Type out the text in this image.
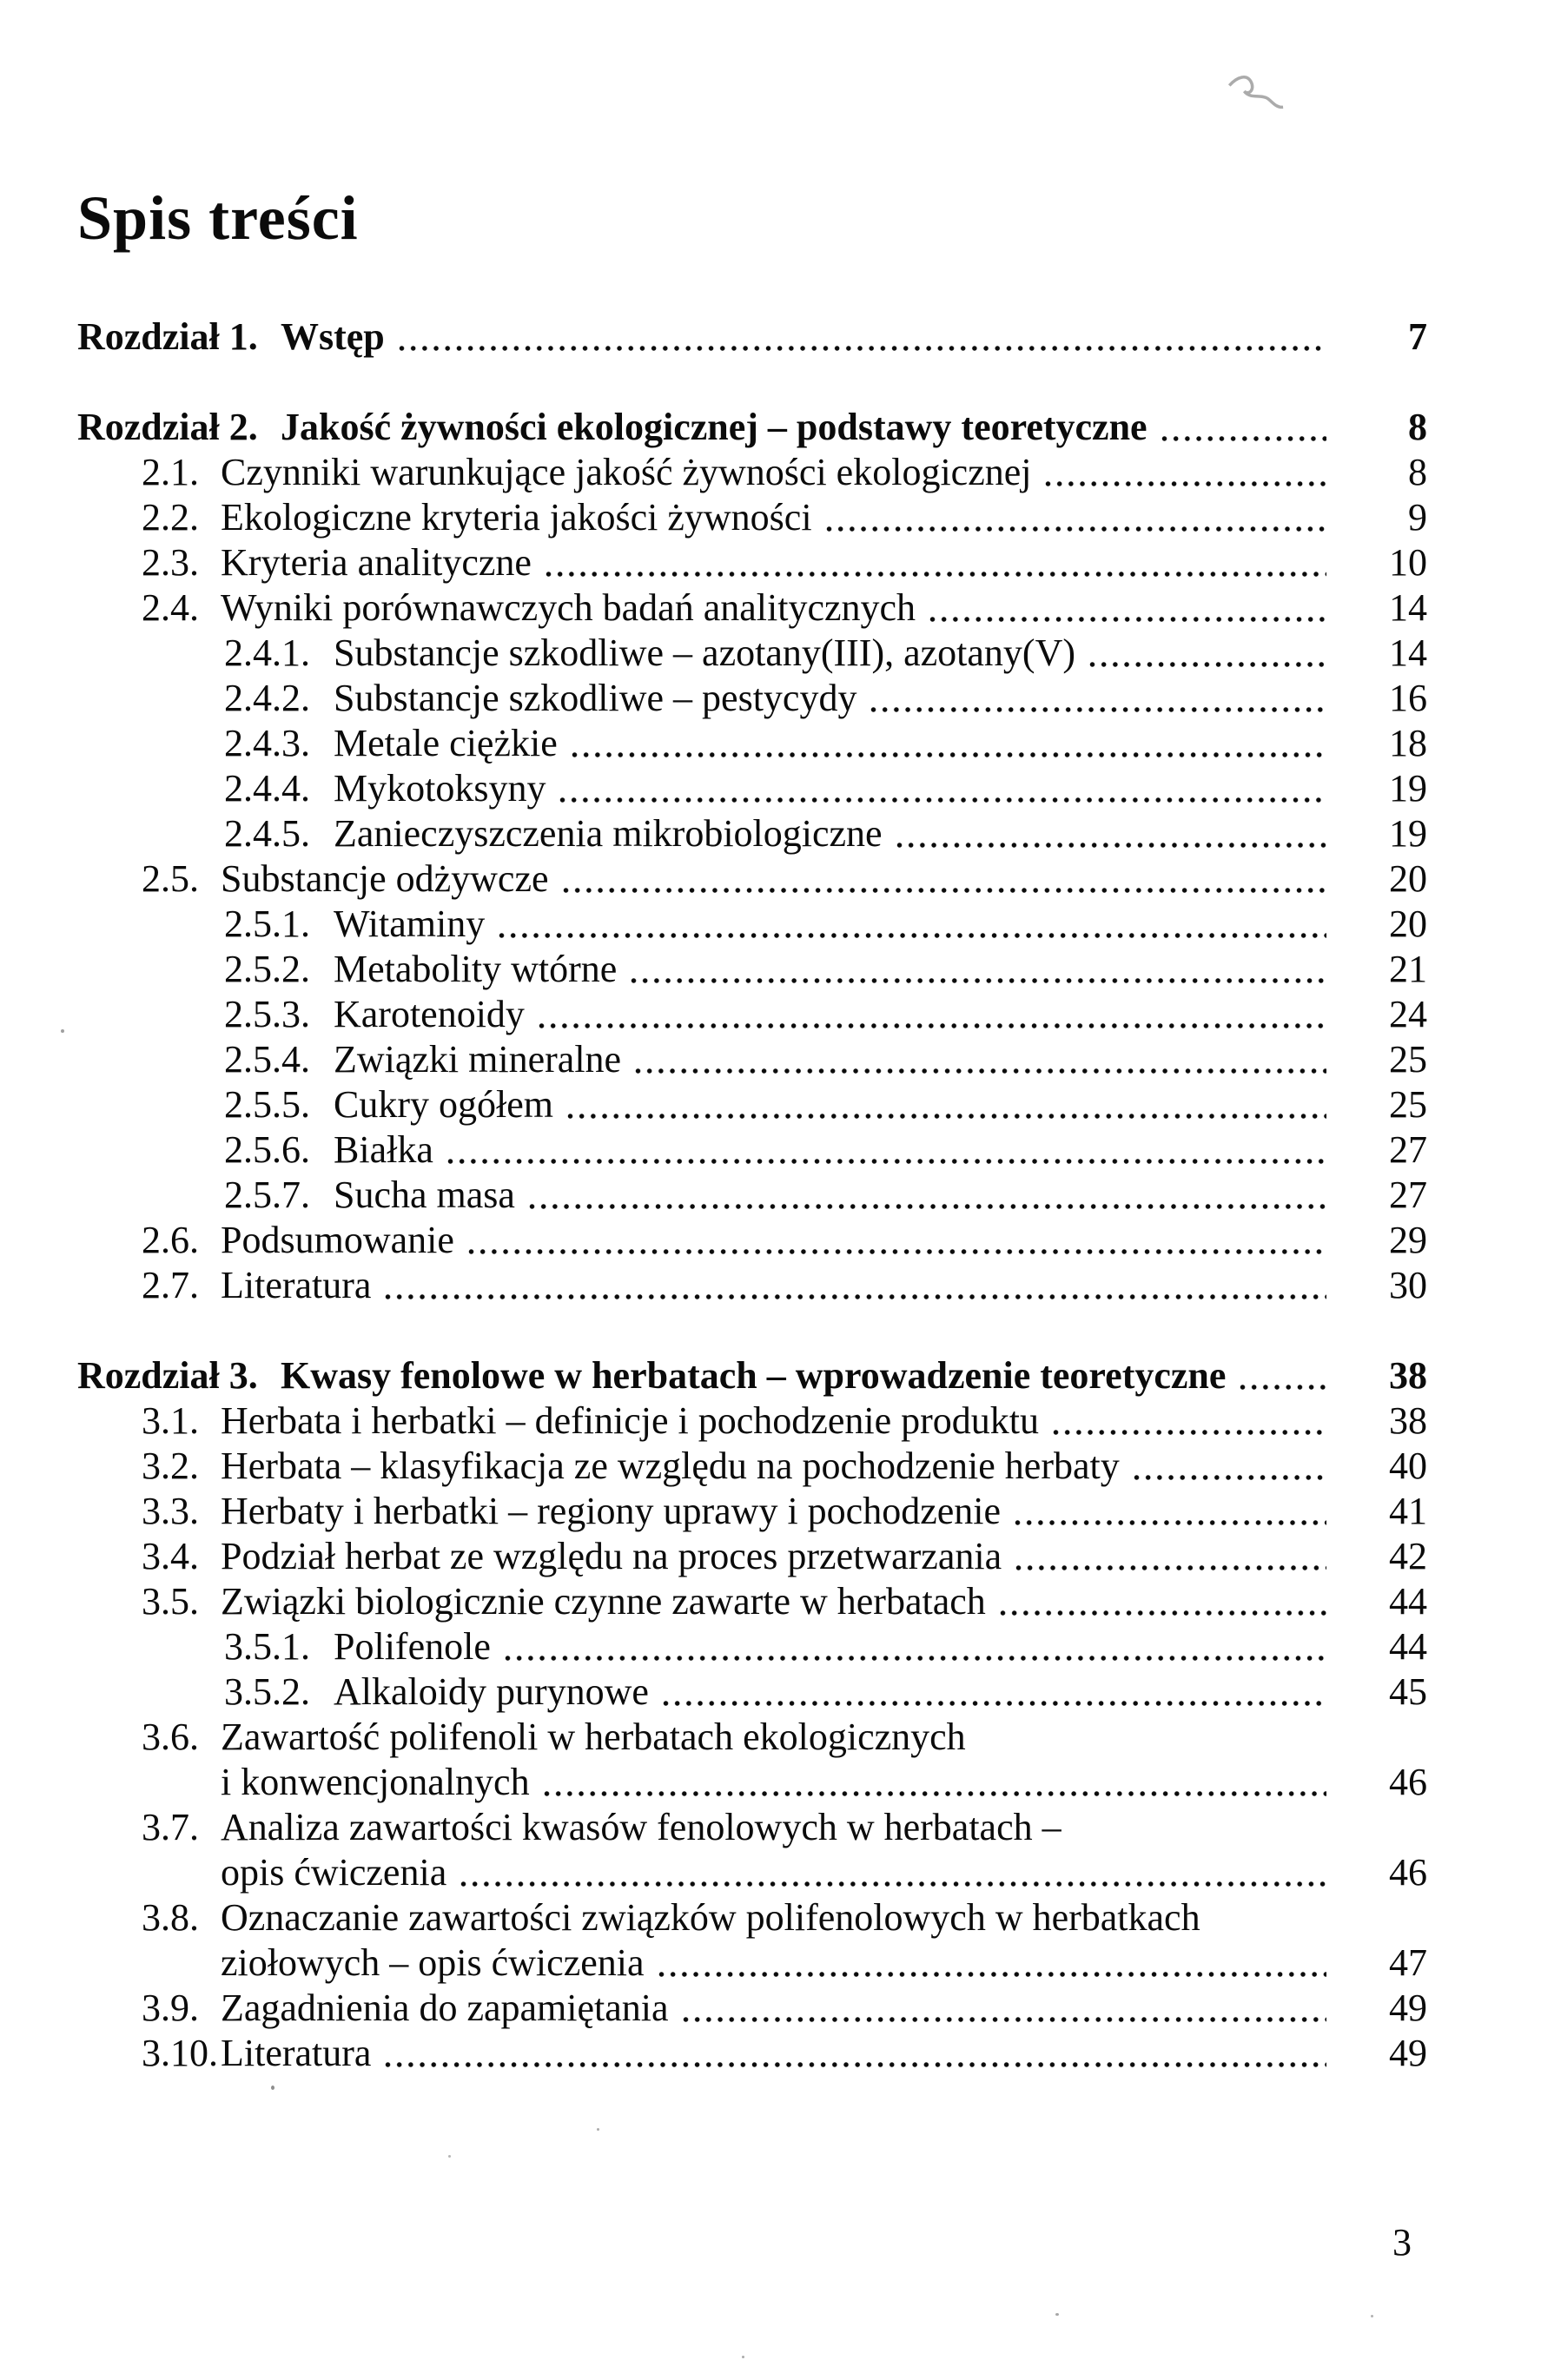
Spis treści
Rozdział 1. Wstęp	7
Rozdział 2. Jakość żywności ekologicznej – podstawy teoretyczne	8
2.1. Czynniki warunkujące jakość żywności ekologicznej	8
2.2. Ekologiczne kryteria jakości żywności	9
2.3. Kryteria analityczne	10
2.4. Wyniki porównawczych badań analitycznych	14
2.4.1. Substancje szkodliwe – azotany(III), azotany(V)	14
2.4.2. Substancje szkodliwe – pestycydy	16
2.4.3. Metale ciężkie	18
2.4.4. Mykotoksyny	19
2.4.5. Zanieczyszczenia mikrobiologiczne	19
2.5. Substancje odżywcze	20
2.5.1. Witaminy	20
2.5.2. Metabolity wtórne	21
2.5.3. Karotenoidy	24
2.5.4. Związki mineralne	25
2.5.5. Cukry ogółem	25
2.5.6. Białka	27
2.5.7. Sucha masa	27
2.6. Podsumowanie	29
2.7. Literatura	30
Rozdział 3. Kwasy fenolowe w herbatach – wprowadzenie teoretyczne	38
3.1. Herbata i herbatki – definicje i pochodzenie produktu	38
3.2. Herbata – klasyfikacja ze względu na pochodzenie herbaty	40
3.3. Herbaty i herbatki – regiony uprawy i pochodzenie	41
3.4. Podział herbat ze względu na proces przetwarzania	42
3.5. Związki biologicznie czynne zawarte w herbatach	44
3.5.1. Polifenole	44
3.5.2. Alkaloidy purynowe	45
3.6. Zawartość polifenoli w herbatach ekologicznych
i konwencjonalnych	46
3.7. Analiza zawartości kwasów fenolowych w herbatach –
opis ćwiczenia	46
3.8. Oznaczanie zawartości związków polifenolowych w herbatkach
ziołowych – opis ćwiczenia	47
3.9. Zagadnienia do zapamiętania	49
3.10. Literatura	49
3
